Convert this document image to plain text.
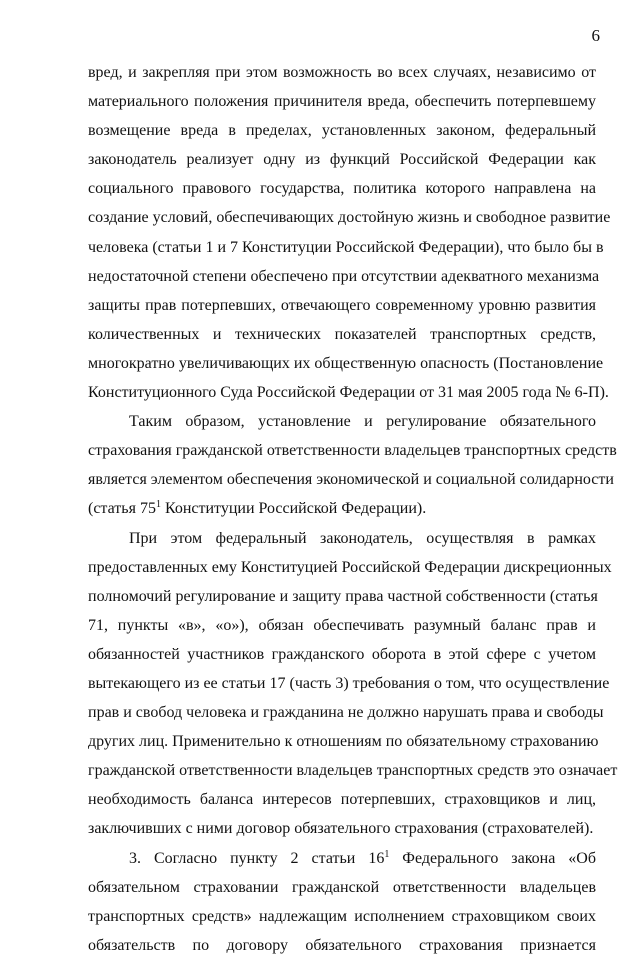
6
вред, и закрепляя при этом возможность во всех случаях, независимо от
материального положения причинителя вреда, обеспечить потерпевшему
возмещение вреда в пределах, установленных законом, федеральный
законодатель реализует одну из функций Российской Федерации как
социального правового государства, политика которого направлена на
создание условий, обеспечивающих достойную жизнь и свободное развитие
человека (статьи 1 и 7 Конституции Российской Федерации), что было бы в
недостаточной степени обеспечено при отсутствии адекватного механизма
защиты прав потерпевших, отвечающего современному уровню развития
количественных и технических показателей транспортных средств,
многократно увеличивающих их общественную опасность (Постановление
Конституционного Суда Российской Федерации от 31 мая 2005 года № 6-П).
Таким образом, установление и регулирование обязательного
страхования гражданской ответственности владельцев транспортных средств
является элементом обеспечения экономической и социальной солидарности
(статья $75^1$ Конституции Российской Федерации).
При этом федеральный законодатель, осуществляя в рамках
предоставленных ему Конституцией Российской Федерации дискреционных
полномочий регулирование и защиту права частной собственности (статья
71, пункты «в», «о»), обязан обеспечивать разумный баланс прав и
обязанностей участников гражданского оборота в этой сфере с учетом
вытекающего из ее статьи 17 (часть 3) требования о том, что осуществление
прав и свобод человека и гражданина не должно нарушать права и свободы
других лиц. Применительно к отношениям по обязательному страхованию
гражданской ответственности владельцев транспортных средств это означает
необходимость баланса интересов потерпевших, страховщиков и лиц,
заключивших с ними договор обязательного страхования (страхователей).
3. Согласно пункту 2 статьи $16^1$ Федерального закона «Об
обязательном страховании гражданской ответственности владельцев
транспортных средств» надлежащим исполнением страховщиком своих
обязательств по договору обязательного страхования признается
